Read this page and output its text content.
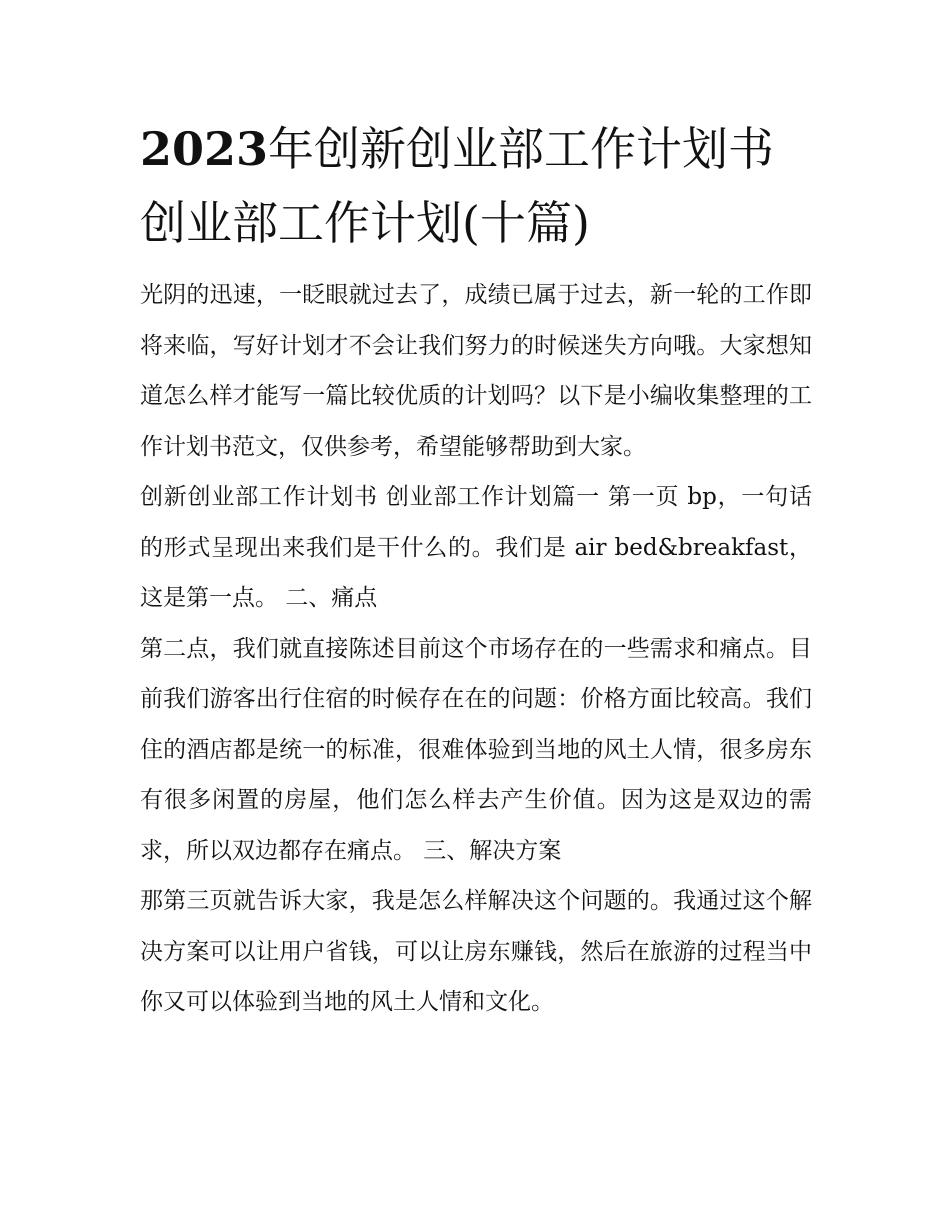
2023年创新创业部工作计划书创业部工作计划(十篇)

光阴的迅速，一眨眼就过去了，成绩已属于过去，新一轮的工作即将来临，写好计划才不会让我们努力的时候迷失方向哦。大家想知道怎么样才能写一篇比较优质的计划吗？以下是小编收集整理的工作计划书范文，仅供参考，希望能够帮助到大家。

创新创业部工作计划书 创业部工作计划篇一 第一页 bp，一句话的形式呈现出来我们是干什么的。我们是 air bed&breakfast，这是第一点。 二、痛点

第二点，我们就直接陈述目前这个市场存在的一些需求和痛点。目前我们游客出行住宿的时候存在在的问题：价格方面比较高。我们住的酒店都是统一的标准，很难体验到当地的风土人情，很多房东有很多闲置的房屋，他们怎么样去产生价值。因为这是双边的需求，所以双边都存在痛点。 三、解决方案

那第三页就告诉大家，我是怎么样解决这个问题的。我通过这个解决方案可以让用户省钱，可以让房东赚钱，然后在旅游的过程当中你又可以体验到当地的风土人情和文化。
